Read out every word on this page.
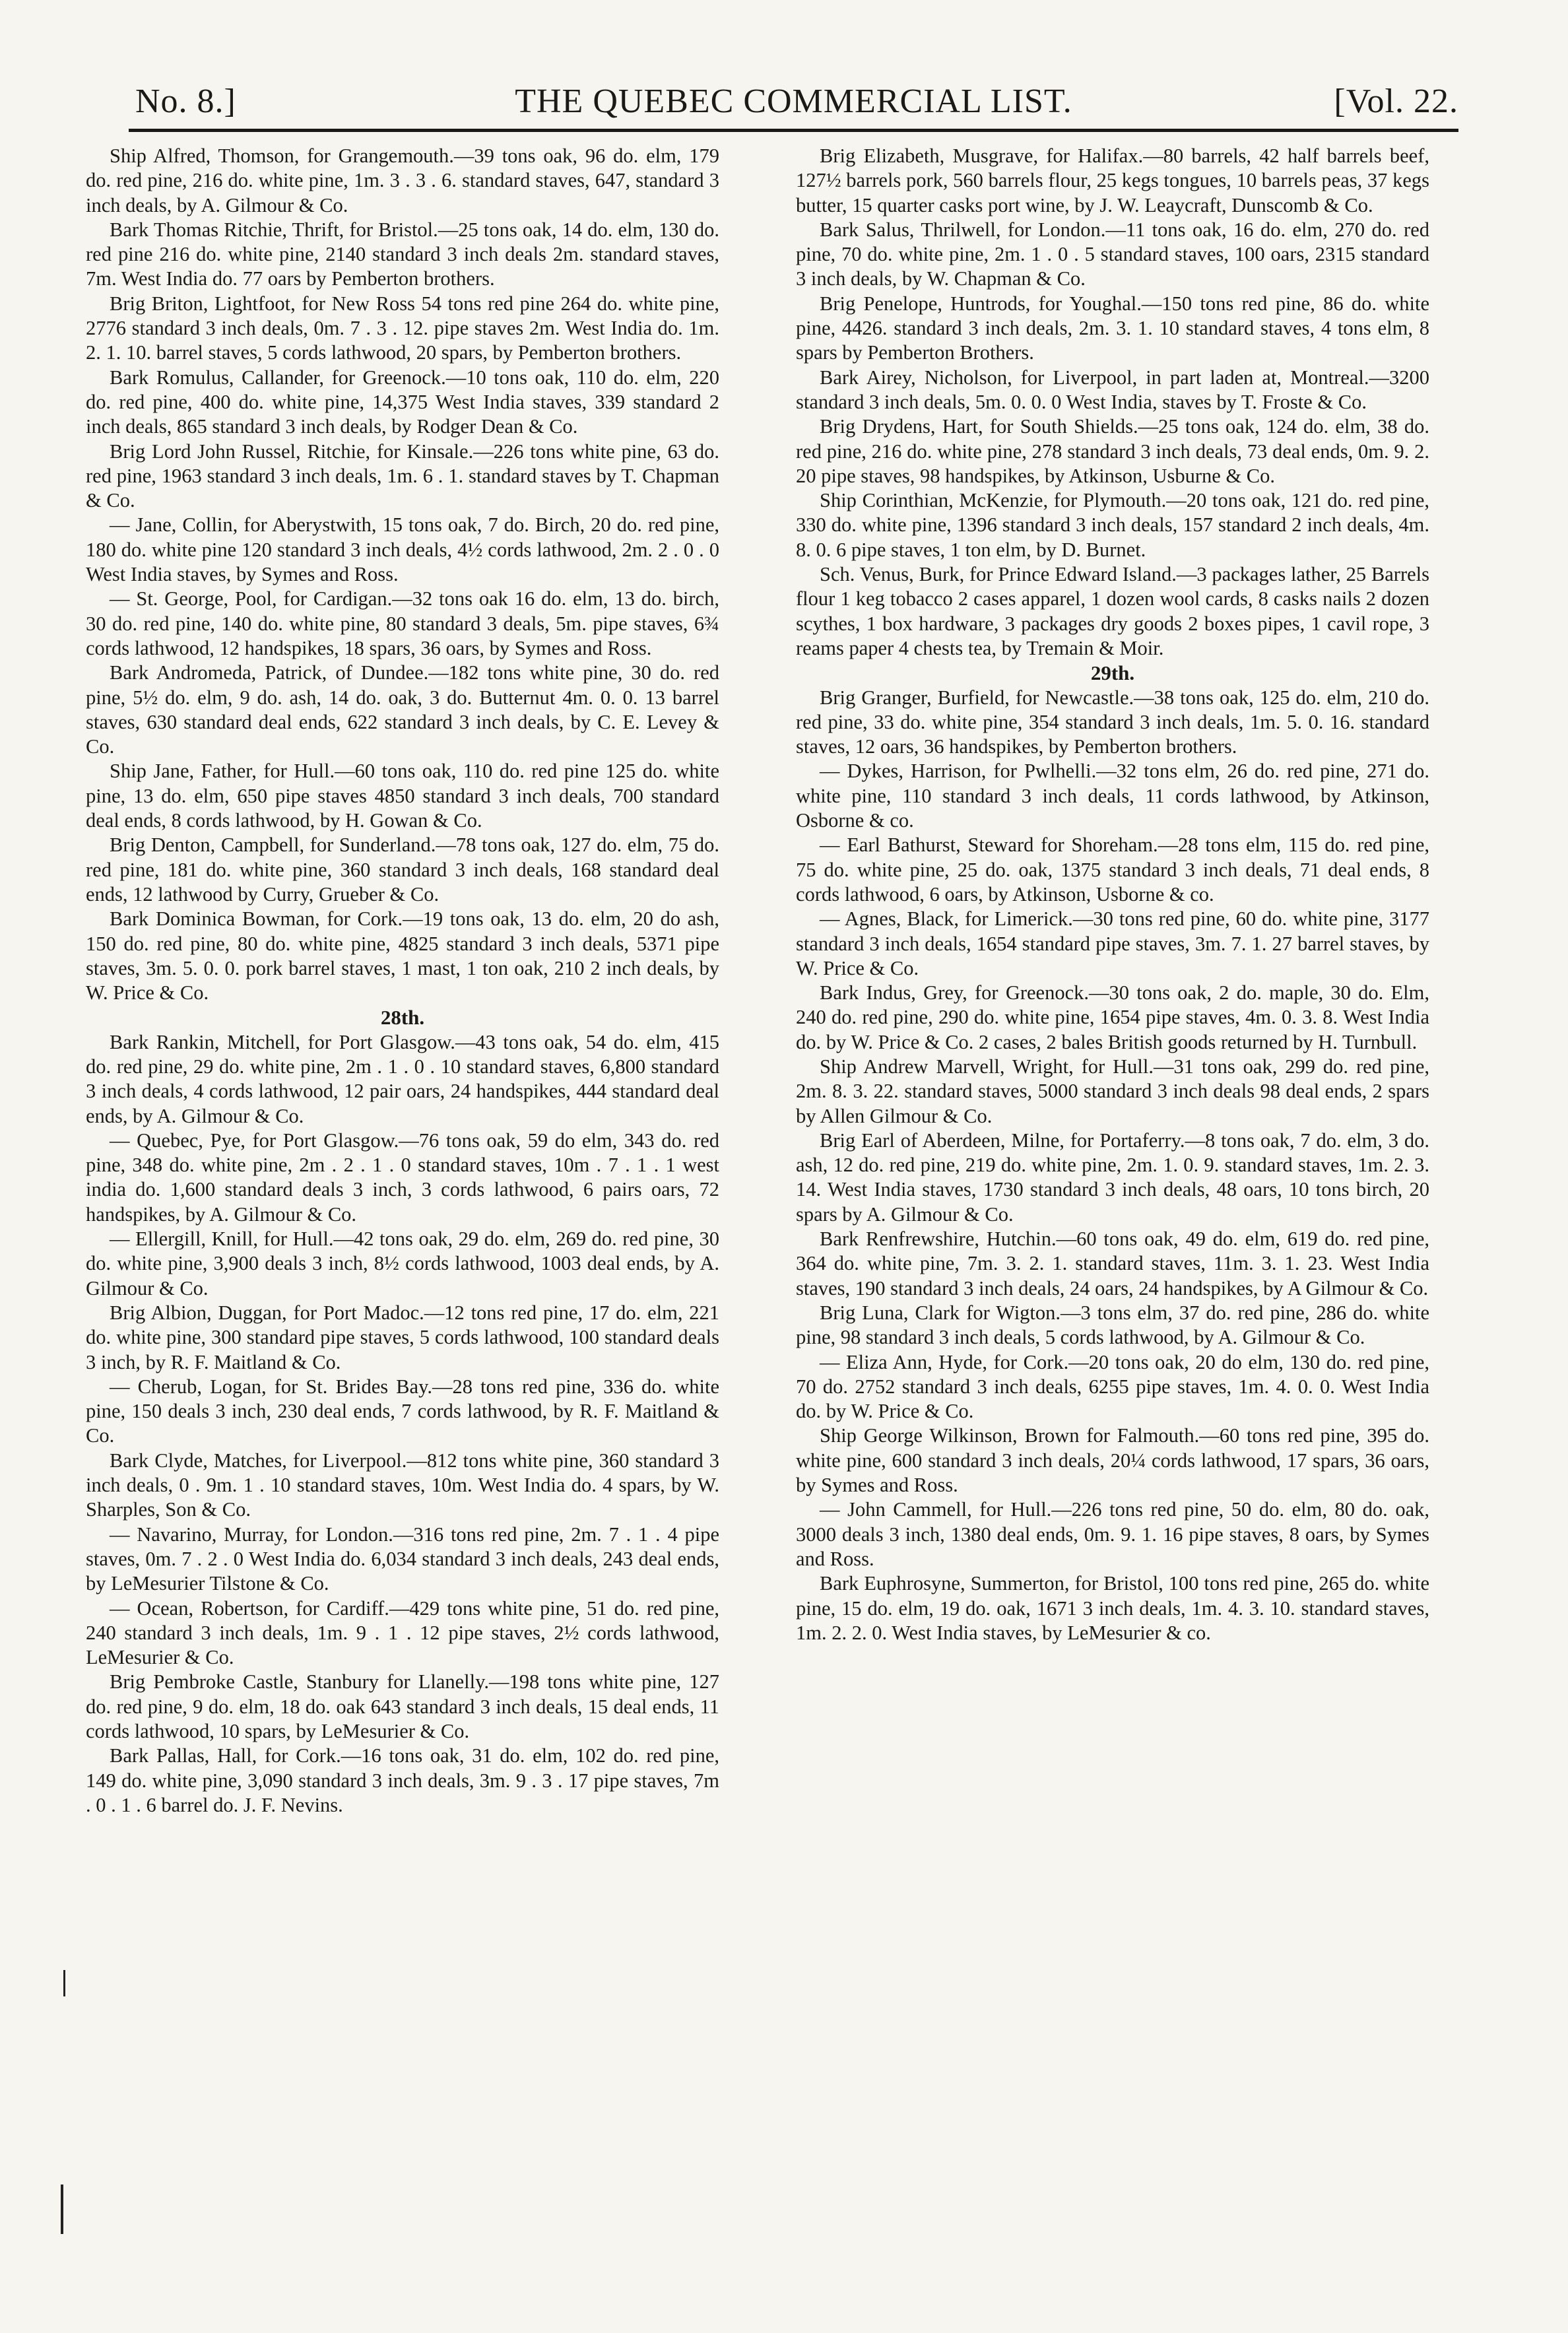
No. 8.]	THE QUEBEC COMMERCIAL LIST.	[Vol. 22.

Ship Alfred, Thomson, for Grangemouth.—39 tons oak, 96 do. elm, 179 do. red pine, 216 do. white pine, 1m. 3 . 3 . 6. standard staves, 647, standard 3 inch deals, by A. Gilmour & Co.

Bark Thomas Ritchie, Thrift, for Bristol.—25 tons oak, 14 do. elm, 130 do. red pine 216 do. white pine, 2140 standard 3 inch deals 2m. standard staves, 7m. West India do. 77 oars by Pemberton brothers.

Brig Briton, Lightfoot, for New Ross 54 tons red pine 264 do. white pine, 2776 standard 3 inch deals, 0m. 7 . 3 . 12. pipe staves 2m. West India do. 1m. 2. 1. 10. barrel staves, 5 cords lathwood, 20 spars, by Pemberton brothers.

Bark Romulus, Callander, for Greenock.—10 tons oak, 110 do. elm, 220 do. red pine, 400 do. white pine, 14,375 West India staves, 339 standard 2 inch deals, 865 standard 3 inch deals, by Rodger Dean & Co.

Brig Lord John Russel, Ritchie, for Kinsale.—226 tons white pine, 63 do. red pine, 1963 standard 3 inch deals, 1m. 6 . 1. standard staves by T. Chapman & Co.

— Jane, Collin, for Aberystwith, 15 tons oak, 7 do. Birch, 20 do. red pine, 180 do. white pine 120 standard 3 inch deals, 4½ cords lathwood, 2m. 2 . 0 . 0 West India staves, by Symes and Ross.

— St. George, Pool, for Cardigan.—32 tons oak 16 do. elm, 13 do. birch, 30 do. red pine, 140 do. white pine, 80 standard 3 deals, 5m. pipe staves, 6¾ cords lathwood, 12 handspikes, 18 spars, 36 oars, by Symes and Ross.

Bark Andromeda, Patrick, of Dundee.—182 tons white pine, 30 do. red pine, 5½ do. elm, 9 do. ash, 14 do. oak, 3 do. Butternut 4m. 0. 0. 13 barrel staves, 630 standard deal ends, 622 standard 3 inch deals, by C. E. Levey & Co.

Ship Jane, Father, for Hull.—60 tons oak, 110 do. red pine 125 do. white pine, 13 do. elm, 650 pipe staves 4850 standard 3 inch deals, 700 standard deal ends, 8 cords lathwood, by H. Gowan & Co.

Brig Denton, Campbell, for Sunderland.—78 tons oak, 127 do. elm, 75 do. red pine, 181 do. white pine, 360 standard 3 inch deals, 168 standard deal ends, 12 lathwood by Curry, Grueber & Co.

Bark Dominica Bowman, for Cork.—19 tons oak, 13 do. elm, 20 do ash, 150 do. red pine, 80 do. white pine, 4825 standard 3 inch deals, 5371 pipe staves, 3m. 5. 0. 0. pork barrel staves, 1 mast, 1 ton oak, 210 2 inch deals, by W. Price & Co.

28th.

Bark Rankin, Mitchell, for Port Glasgow.—43 tons oak, 54 do. elm, 415 do. red pine, 29 do. white pine, 2m . 1 . 0 . 10 standard staves, 6,800 standard 3 inch deals, 4 cords lathwood, 12 pair oars, 24 handspikes, 444 standard deal ends, by A. Gilmour & Co.

— Quebec, Pye, for Port Glasgow.—76 tons oak, 59 do elm, 343 do. red pine, 348 do. white pine, 2m . 2 . 1 . 0 standard staves, 10m . 7 . 1 . 1 west india do. 1,600 standard deals 3 inch, 3 cords lathwood, 6 pairs oars, 72 handspikes, by A. Gilmour & Co.

— Ellergill, Knill, for Hull.—42 tons oak, 29 do. elm, 269 do. red pine, 30 do. white pine, 3,900 deals 3 inch, 8½ cords lathwood, 1003 deal ends, by A. Gilmour & Co.

Brig Albion, Duggan, for Port Madoc.—12 tons red pine, 17 do. elm, 221 do. white pine, 300 standard pipe staves, 5 cords lathwood, 100 standard deals 3 inch, by R. F. Maitland & Co.

— Cherub, Logan, for St. Brides Bay.—28 tons red pine, 336 do. white pine, 150 deals 3 inch, 230 deal ends, 7 cords lathwood, by R. F. Maitland & Co.

Bark Clyde, Matches, for Liverpool.—812 tons white pine, 360 standard 3 inch deals, 0 . 9m. 1 . 10 standard staves, 10m. West India do. 4 spars, by W. Sharples, Son & Co.

— Navarino, Murray, for London.—316 tons red pine, 2m. 7 . 1 . 4 pipe staves, 0m. 7 . 2 . 0 West India do. 6,034 standard 3 inch deals, 243 deal ends, by LeMesurier Tilstone & Co.

— Ocean, Robertson, for Cardiff.—429 tons white pine, 51 do. red pine, 240 standard 3 inch deals, 1m. 9 . 1 . 12 pipe staves, 2½ cords lathwood, LeMesurier & Co.

Brig Pembroke Castle, Stanbury for Llanelly.—198 tons white pine, 127 do. red pine, 9 do. elm, 18 do. oak 643 standard 3 inch deals, 15 deal ends, 11 cords lathwood, 10 spars, by LeMesurier & Co.

Bark Pallas, Hall, for Cork.—16 tons oak, 31 do. elm, 102 do. red pine, 149 do. white pine, 3,090 standard 3 inch deals, 3m. 9 . 3 . 17 pipe staves, 7m . 0 . 1 . 6 barrel do. J. F. Nevins.

Brig Elizabeth, Musgrave, for Halifax.—80 barrels, 42 half barrels beef, 127½ barrels pork, 560 barrels flour, 25 kegs tongues, 10 barrels peas, 37 kegs butter, 15 quarter casks port wine, by J. W. Leaycraft, Dunscomb & Co.

Bark Salus, Thrilwell, for London.—11 tons oak, 16 do. elm, 270 do. red pine, 70 do. white pine, 2m. 1 . 0 . 5 standard staves, 100 oars, 2315 standard 3 inch deals, by W. Chapman & Co.

Brig Penelope, Huntrods, for Youghal.—150 tons red pine, 86 do. white pine, 4426. standard 3 inch deals, 2m. 3. 1. 10 standard staves, 4 tons elm, 8 spars by Pemberton Brothers.

Bark Airey, Nicholson, for Liverpool, in part laden at, Montreal.—3200 standard 3 inch deals, 5m. 0. 0. 0 West India, staves by T. Froste & Co.

Brig Drydens, Hart, for South Shields.—25 tons oak, 124 do. elm, 38 do. red pine, 216 do. white pine, 278 standard 3 inch deals, 73 deal ends, 0m. 9. 2. 20 pipe staves, 98 handspikes, by Atkinson, Usburne & Co.

Ship Corinthian, McKenzie, for Plymouth.—20 tons oak, 121 do. red pine, 330 do. white pine, 1396 standard 3 inch deals, 157 standard 2 inch deals, 4m. 8. 0. 6 pipe staves, 1 ton elm, by D. Burnet.

Sch. Venus, Burk, for Prince Edward Island.—3 packages lather, 25 Barrels flour 1 keg tobacco 2 cases apparel, 1 dozen wool cards, 8 casks nails 2 dozen scythes, 1 box hardware, 3 packages dry goods 2 boxes pipes, 1 cavil rope, 3 reams paper 4 chests tea, by Tremain & Moir.

29th.

Brig Granger, Burfield, for Newcastle.—38 tons oak, 125 do. elm, 210 do. red pine, 33 do. white pine, 354 standard 3 inch deals, 1m. 5. 0. 16. standard staves, 12 oars, 36 handspikes, by Pemberton brothers.

— Dykes, Harrison, for Pwlhelli.—32 tons elm, 26 do. red pine, 271 do. white pine, 110 standard 3 inch deals, 11 cords lathwood, by Atkinson, Osborne & co.

— Earl Bathurst, Steward for Shoreham.—28 tons elm, 115 do. red pine, 75 do. white pine, 25 do. oak, 1375 standard 3 inch deals, 71 deal ends, 8 cords lathwood, 6 oars, by Atkinson, Usborne & co.

— Agnes, Black, for Limerick.—30 tons red pine, 60 do. white pine, 3177 standard 3 inch deals, 1654 standard pipe staves, 3m. 7. 1. 27 barrel staves, by W. Price & Co.

Bark Indus, Grey, for Greenock.—30 tons oak, 2 do. maple, 30 do. Elm, 240 do. red pine, 290 do. white pine, 1654 pipe staves, 4m. 0. 3. 8. West India do. by W. Price & Co. 2 cases, 2 bales British goods returned by H. Turnbull.

Ship Andrew Marvell, Wright, for Hull.—31 tons oak, 299 do. red pine, 2m. 8. 3. 22. standard staves, 5000 standard 3 inch deals 98 deal ends, 2 spars by Allen Gilmour & Co.

Brig Earl of Aberdeen, Milne, for Portaferry.—8 tons oak, 7 do. elm, 3 do. ash, 12 do. red pine, 219 do. white pine, 2m. 1. 0. 9. standard staves, 1m. 2. 3. 14. West India staves, 1730 standard 3 inch deals, 48 oars, 10 tons birch, 20 spars by A. Gilmour & Co.

Bark Renfrewshire, Hutchin.—60 tons oak, 49 do. elm, 619 do. red pine, 364 do. white pine, 7m. 3. 2. 1. standard staves, 11m. 3. 1. 23. West India staves, 190 standard 3 inch deals, 24 oars, 24 handspikes, by A Gilmour & Co.

Brig Luna, Clark for Wigton.—3 tons elm, 37 do. red pine, 286 do. white pine, 98 standard 3 inch deals, 5 cords lathwood, by A. Gilmour & Co.

— Eliza Ann, Hyde, for Cork.—20 tons oak, 20 do elm, 130 do. red pine, 70 do. 2752 standard 3 inch deals, 6255 pipe staves, 1m. 4. 0. 0. West India do. by W. Price & Co.

Ship George Wilkinson, Brown for Falmouth.—60 tons red pine, 395 do. white pine, 600 standard 3 inch deals, 20¼ cords lathwood, 17 spars, 36 oars, by Symes and Ross.

— John Cammell, for Hull.—226 tons red pine, 50 do. elm, 80 do. oak, 3000 deals 3 inch, 1380 deal ends, 0m. 9. 1. 16 pipe staves, 8 oars, by Symes and Ross.

Bark Euphrosyne, Summerton, for Bristol, 100 tons red pine, 265 do. white pine, 15 do. elm, 19 do. oak, 1671 3 inch deals, 1m. 4. 3. 10. standard staves, 1m. 2. 2. 0. West India staves, by LeMesurier & co.
